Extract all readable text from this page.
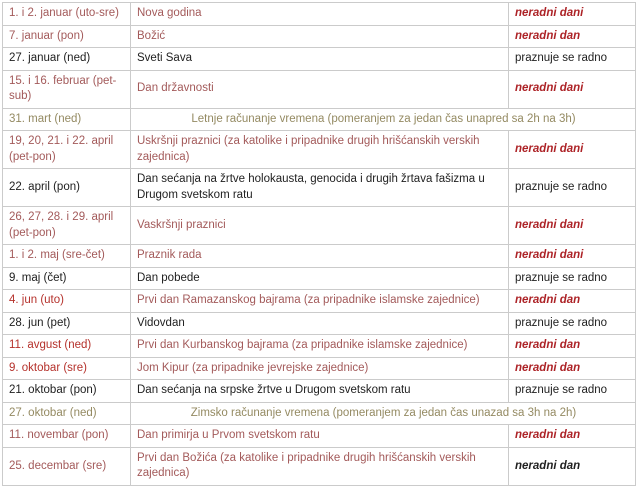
1. i 2. januar (uto-sre)	Nova godina	neradni dani
7. januar (pon)	Božić	neradni dan
27. januar (ned)	Sveti Sava	praznuje se radno
15. i 16. februar (pet-sub)	Dan državnosti	neradni dani
31. mart (ned)	Letnje računanje vremena (pomeranjem za jedan čas unapred sa 2h na 3h)	
19, 20, 21. i 22. april (pet-pon)	Uskršnji praznici (za katolike i pripadnike drugih hrišćanskih verskih zajednica)	neradni dani
22. april (pon)	Dan sećanja na žrtve holokausta, genocida i drugih žrtava fašizma u Drugom svetskom ratu	praznuje se radno
26, 27, 28. i 29. april (pet-pon)	Vaskršnji praznici	neradni dani
1. i 2. maj (sre-čet)	Praznik rada	neradni dani
9. maj (čet)	Dan pobede	praznuje se radno
4. jun (uto)	Prvi dan Ramazanskog bajrama (za pripadnike islamske zajednice)	neradni dan
28. jun (pet)	Vidovdan	praznuje se radno
11. avgust (ned)	Prvi dan Kurbanskog bajrama (za pripadnike islamske zajednice)	neradni dan
9. oktobar (sre)	Jom Kipur (za pripadnike jevrejske zajednice)	neradni dan
21. oktobar (pon)	Dan sećanja na srpske žrtve u Drugom svetskom ratu	praznuje se radno
27. oktobar (ned)	Zimsko računanje vremena (pomeranjem za jedan čas unazad sa 3h na 2h)	
11. novembar (pon)	Dan primirja u Prvom svetskom ratu	neradni dan
25. decembar (sre)	Prvi dan Božića (za katolike i pripadnike drugih hrišćanskih verskih zajednica)	neradni dan
